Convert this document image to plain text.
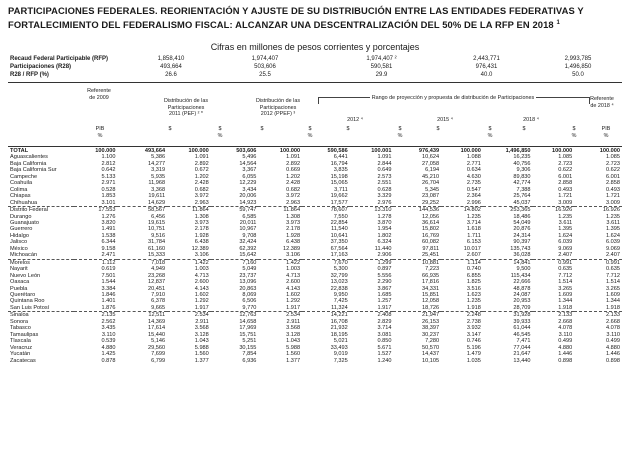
PARTICIPACIONES FEDERALES. REORIENTACIÓN Y AJUSTE DE SU DISTRIBUCIÓN ENTRE LAS ENTIDADES FEDERATIVAS Y
FORTALECIMIENTO DEL FEDERALISMO FISCAL: ALCANZAR UNA DESCENTRALIZACIÓN DEL 50% DE LA RFP EN 2018 $^1$
Cifras en millones de pesos corrientes y porcentajes
Recaud Federal Participable (RFP)	1,858,410	1,974,407	1,974,407 ²	2,443,771	2,993,785
Participaciones (R28)	493,664	503,606	590,581	976,431	1,496,850
R28 / RFP (%)	26.6	25.5	29.9	40.0	50.0
Referente
de 2009
Distribución de las
Participaciones
2011 (PEF) ² *
Distribución de las
Participaciones
2012 (PPEF) ³
Rango de proyección y propuesta de distribución de Participaciones
2012 ⁴	2015 ⁴	2018 ⁴
Referente
de 2018 ⁴
PIB	$	$	$	$	$	$	$	$	$	$	PIB
%	%	%	%	%	%	%
TOTAL	100.000	493,664	100.000	503,606	100.000	590,586	100.001	976,439	100.000	1,496,850	100.000	100.000
Aguascalientes	1.100	5,386	1.091	5,496	1.091	6,441	1.091	10,624	1.088	16,235	1.085	1.085
Baja California	2.812	14,277	2.892	14,564	2.892	16,794	2.844	27,058	2.771	40,756	2.723	2.723
Baja California Sur	0.642	3,319	0.672	3,367	0.669	3,835	0.649	6,194	0.634	9,306	0.622	0.622
Campeche	5.133	5,935	1.202	6,055	1.202	15,198	2.573	45,210	4.630	89,830	6.001	6.001
Coahuila	2.971	11,968	2.428	12,229	2.428	15,065	2.551	26,704	2.735	42,774	2.858	2.858
Colima	0.528	3,368	0.682	3,434	0.682	3,711	0.628	5,345	0.547	7,388	0.493	0.493
Chiapas	1.853	19,611	3.972	20,006	3.972	19,662	3.329	23,087	2.364	25,764	1.721	1.721
Chihuahua	3.101	14,629	2.963	14,923	2.963	17,577	2.976	29,252	2.996	45,037	3.009	3.009
Distrito Federal	17.553	58,567	11.864	59,747	11.864	78,607	13.310	144,536	14.802	253,365	16.926	16.926
Durango	1.276	6,456	1.308	6,585	1.308	7,550	1.278	12,056	1.235	18,486	1.235	1.235
Guanajuato	3.820	19,615	3.973	20,011	3.973	22,854	3.870	36,614	3.714	54,049	3.611	3.611
Guerrero	1.491	10,751	2.178	10,967	2.178	11,540	1.954	15,802	1.618	20,876	1.395	1.395
Hidalgo	1.538	9,516	1.928	9,708	1.928	10,641	1.802	16,769	1.711	24,314	1.624	1.624
Jalisco	6.344	31,784	6.438	32,424	6.438	37,350	6.324	60,082	6.153	90,397	6.039	6.039
México	9.158	61,160	12.389	62,392	12.389	67,564	11.440	97,811	10.017	135,743	9.069	9.069
Michoacán	2.471	15,333	3.106	15,642	3.106	17,163	2.906	25,451	2.607	36,028	2.407	2.407
Morelos	1.112	7,018	1.422	7,160	1.422	7,670	1.299	10,881	1.114	14,841	0.991	0.991
Nayarit	0.619	4,949	1.003	5,049	1.003	5,300	0.897	7,223	0.740	9,500	0.635	0.635
Nuevo León	7.501	23,268	4.713	23,737	4.713	32,799	5.556	66,935	6.855	115,434	7.712	7.712
Oaxaca	1.544	12,837	2.600	13,096	2.600	13,023	2.290	17,816	1.825	22,666	1.514	1.514
Puebla	3.384	20,451	4.143	20,863	4.143	22,838	3.867	34,331	3.516	48,878	3.265	3.265
Querétaro	1.846	7,910	1.602	8,069	1.602	9,950	1.685	15,851	1.623	24,087	1.609	1.609
Quintana Roo	1.401	6,378	1.292	6,506	1.292	7,425	1.257	12,058	1.235	20,953	1.344	1.344
San Luis Potosí	1.876	9,665	1.917	9,770	1.917	11,324	1.917	18,726	1.918	28,709	1.918	1.918
Sinaloa	2.135	12,511	2.534	12,763	2.534	14,221	2.408	21,947	2.248	31,928	2.133	2.133
Sonora	2.562	14,369	2.911	14,658	2.911	16,708	2.829	26,153	2.738	39,933	2.668	2.668
Tabasco	3.435	17,614	3.568	17,969	3.568	21,932	3.714	38,397	3.932	61,044	4.078	4.078
Tamaulipas	3.110	15,440	3.128	15,751	3.128	18,195	3.081	30,237	3.147	46,545	3.110	3.110
Tlaxcala	0.539	5,146	1.043	5,251	1.043	5,021	0.850	7,280	0.746	7,471	0.499	0.499
Veracruz	4.880	29,560	5.988	30,155	5.988	33,493	5.671	50,570	5.196	77,044	4.880	4.880
Yucatán	1.425	7,699	1.560	7,854	1.560	9,019	1.527	14,437	1.479	21,647	1.446	1.446
Zacatecas	0.878	6,799	1.377	6,936	1.377	7,325	1.240	10,105	1.035	13,440	0.898	0.898
